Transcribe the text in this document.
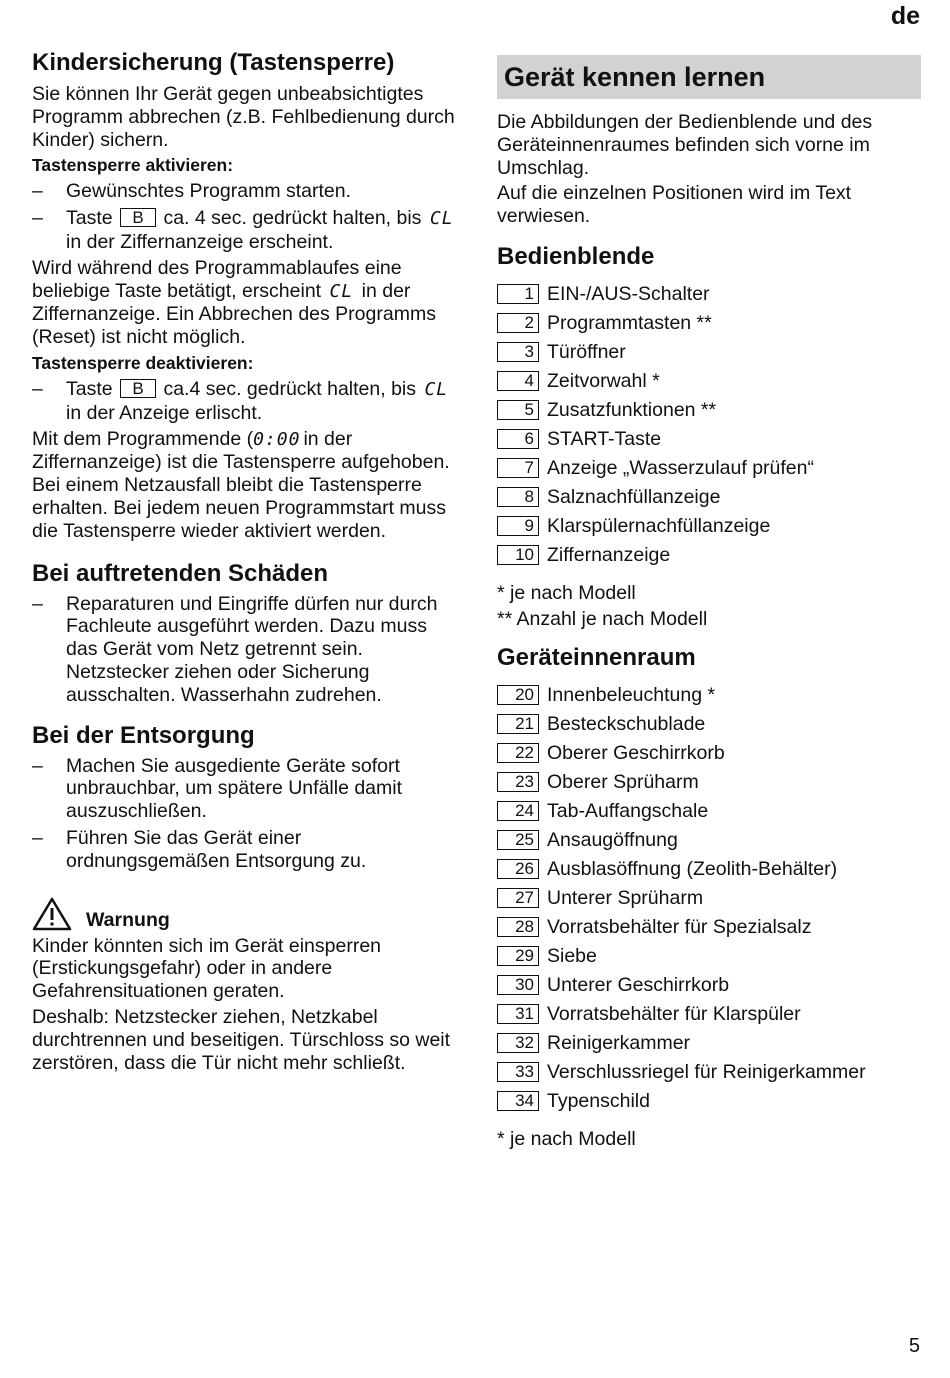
de
Kindersicherung (Tastensperre)

Sie können Ihr Gerät gegen unbeabsichtigtes Programm abbrechen (z.B. Fehlbedienung durch Kinder) sichern.

Tastensperre aktivieren:
– Gewünschtes Programm starten.
– Taste B ca. 4 sec. gedrückt halten, bis CL in der Ziffernanzeige erscheint.

Wird während des Programmablaufes eine beliebige Taste betätigt, erscheint CL in der Ziffernanzeige. Ein Abbrechen des Programms (Reset) ist nicht möglich.

Tastensperre deaktivieren:
– Taste B ca.4 sec. gedrückt halten, bis CL in der Anzeige erlischt.

Mit dem Programmende (0:00 in der Ziffernanzeige) ist die Tastensperre aufgehoben. Bei einem Netzausfall bleibt die Tastensperre erhalten. Bei jedem neuen Programmstart muss die Tastensperre wieder aktiviert werden.

Bei auftretenden Schäden
– Reparaturen und Eingriffe dürfen nur durch Fachleute ausgeführt werden. Dazu muss das Gerät vom Netz getrennt sein. Netzstecker ziehen oder Sicherung ausschalten. Wasserhahn zudrehen.
Bei der Entsorgung
– Machen Sie ausgediente Geräte sofort unbrauchbar, um spätere Unfälle damit auszuschließen.
– Führen Sie das Gerät einer ordnungsgemäßen Entsorgung zu.
Warnung

Kinder könnten sich im Gerät einsperren (Erstickungsgefahr) oder in andere Gefahrensituationen geraten.

Deshalb: Netzstecker ziehen, Netzkabel durchtrennen und beseitigen. Türschloss so weit zerstören, dass die Tür nicht mehr schließt.

Gerät kennen lernen

Die Abbildungen der Bedienblende und des Geräteinnenraumes befinden sich vorne im Umschlag.

Auf die einzelnen Positionen wird im Text verwiesen.

Bedienblende
1 EIN-/AUS-Schalter
2 Programmtasten **
3 Türöffner
4 Zeitvorwahl *
5 Zusatzfunktionen **
6 START-Taste
7 Anzeige „Wasserzulauf prüfen“
8 Salznachfüllanzeige
9 Klarspülernachfüllanzeige
10 Ziffernanzeige

* je nach Modell

** Anzahl je nach Modell

Geräteinnenraum
20 Innenbeleuchtung *
21 Besteckschublade
22 Oberer Geschirrkorb
23 Oberer Sprüharm
24 Tab-Auffangschale
25 Ansaugöffnung
26 Ausblasöffnung (Zeolith-Behälter)
27 Unterer Sprüharm
28 Vorratsbehälter für Spezialsalz
29 Siebe
30 Unterer Geschirrkorb
31 Vorratsbehälter für Klarspüler
32 Reinigerkammer
33 Verschlussriegel für Reinigerkammer
34 Typenschild

* je nach Modell

5
